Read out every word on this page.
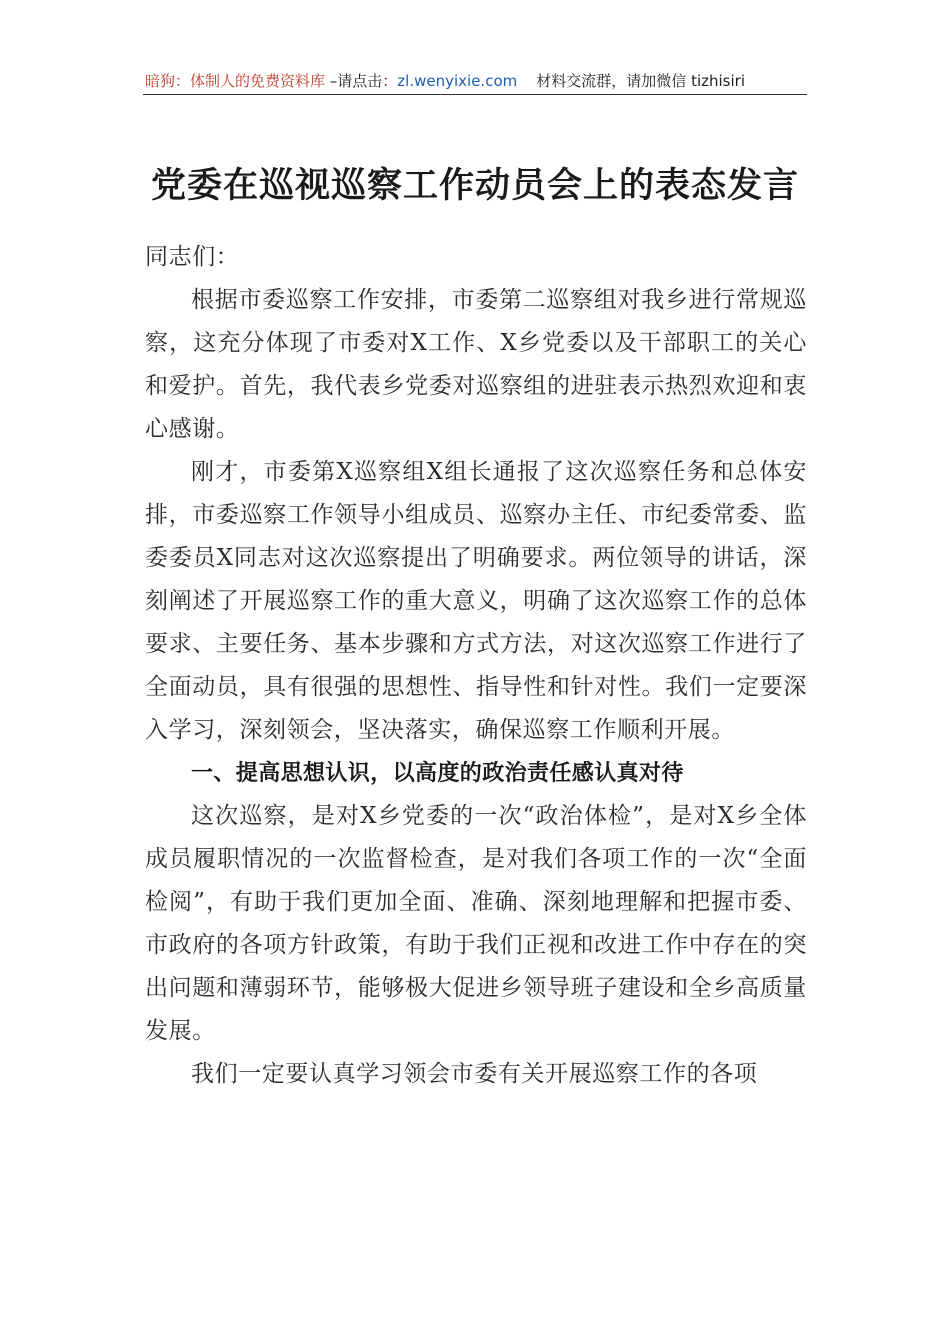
暗狗：体制人的免费资料库 –请点击：zl.wenyixie.com    材料交流群，请加微信 tizhisiri
党委在巡视巡察工作动员会上的表态发言

同志们：

根据市委巡察工作安排，市委第二巡察组对我乡进行常规巡察，这充分体现了市委对X工作、X乡党委以及干部职工的关心和爱护。首先，我代表乡党委对巡察组的进驻表示热烈欢迎和衷心感谢。

刚才，市委第X巡察组X组长通报了这次巡察任务和总体安排，市委巡察工作领导小组成员、巡察办主任、市纪委常委、监委委员X同志对这次巡察提出了明确要求。两位领导的讲话，深刻阐述了开展巡察工作的重大意义，明确了这次巡察工作的总体要求、主要任务、基本步骤和方式方法，对这次巡察工作进行了全面动员，具有很强的思想性、指导性和针对性。我们一定要深入学习，深刻领会，坚决落实，确保巡察工作顺利开展。

一、提高思想认识，以高度的政治责任感认真对待

这次巡察，是对X乡党委的一次“政治体检”，是对X乡全体成员履职情况的一次监督检查，是对我们各项工作的一次“全面检阅”，有助于我们更加全面、准确、深刻地理解和把握市委、市政府的各项方针政策，有助于我们正视和改进工作中存在的突出问题和薄弱环节，能够极大促进乡领导班子建设和全乡高质量发展。

我们一定要认真学习领会市委有关开展巡察工作的各项
